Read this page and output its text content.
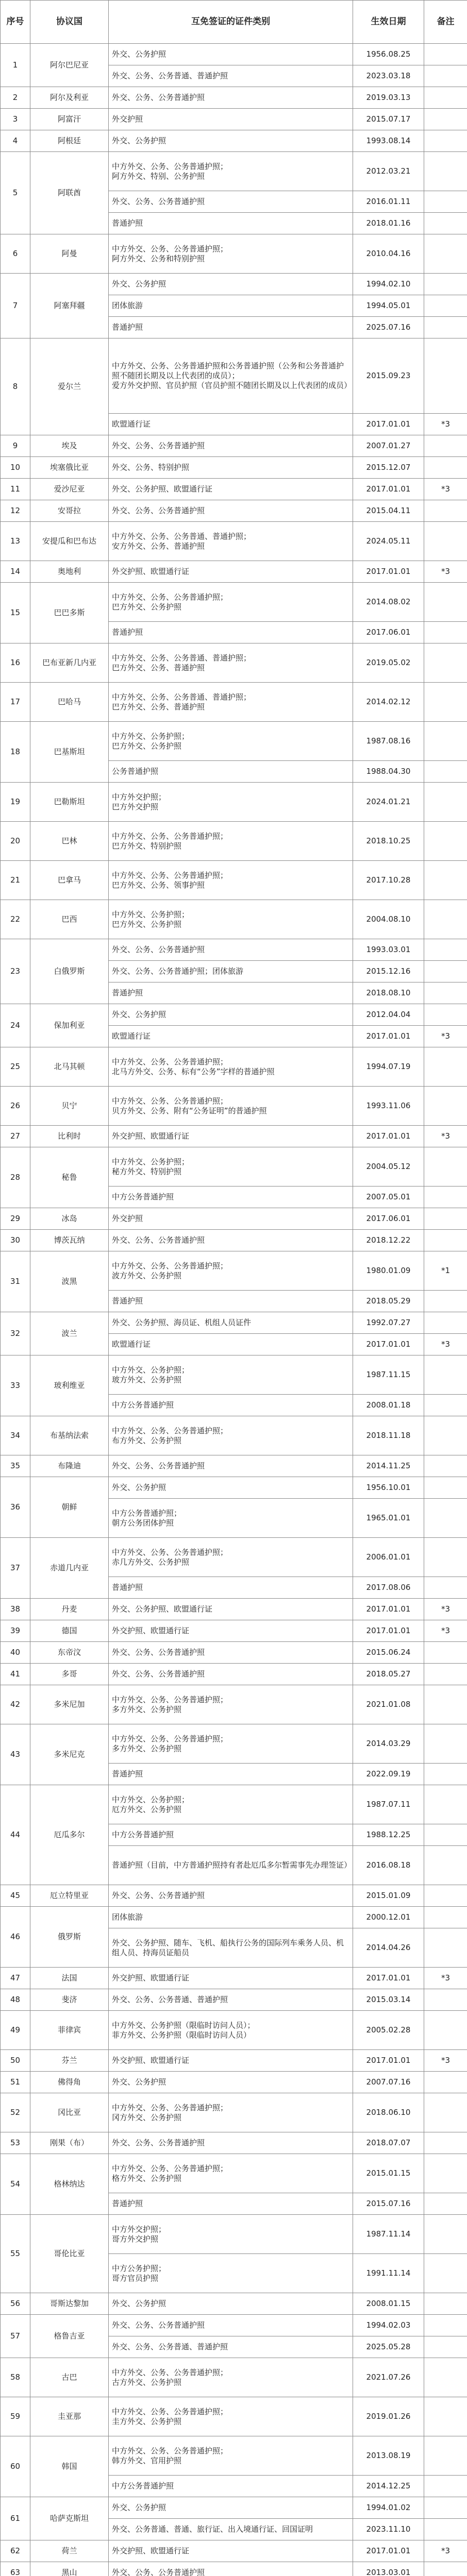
序号	协议国	互免签证的证件类别	生效日期	备注
1	阿尔巴尼亚	外交、公务护照	1956.08.25	

		外交、公务、公务普通、普通护照	2023.03.18	
2	阿尔及利亚	外交、公务、公务普通护照	2019.03.13	
3	阿富汗	外交护照	2015.07.17	
4	阿根廷	外交、公务护照	1993.08.14	
5	阿联酋	中方外交、公务、公务普通护照；
阿方外交、特别、公务护照	2012.03.21	

		外交、公务、公务普通护照	2016.01.11	

		普通护照	2018.01.16	
6	阿曼	中方外交、公务、公务普通护照；
阿方外交、公务和特别护照	2010.04.16	
7	阿塞拜疆	外交、公务护照	1994.02.10	

		团体旅游	1994.05.01	

		普通护照	2025.07.16	
8	爱尔兰	中方外交、公务、公务普通护照和公务普通护照（公务和公务普通护照不随团长期及以上代表团的成员）；
爱方外交护照、官员护照（官员护照不随团长期及以上代表团的成员）	2015.09.23	

		欧盟通行证	2017.01.01	*3
9	埃及	外交、公务、公务普通护照	2007.01.27	
10	埃塞俄比亚	外交、公务、特别护照	2015.12.07	
11	爱沙尼亚	外交、公务护照、欧盟通行证	2017.01.01	*3
12	安哥拉	外交、公务、公务普通护照	2015.04.11	
13	安提瓜和巴布达	中方外交、公务、公务普通、普通护照；
安方外交、公务、普通护照	2024.05.11	
14	奥地利	外交护照、欧盟通行证	2017.01.01	*3
15	巴巴多斯	中方外交、公务、公务普通护照；
巴方外交、公务护照	2014.08.02	

		普通护照	2017.06.01	
16	巴布亚新几内亚	中方外交、公务、公务普通、普通护照；
巴方外交、公务、普通护照	2019.05.02	
17	巴哈马	中方外交、公务、公务普通、普通护照；
巴方外交、公务、普通护照	2014.02.12	
18	巴基斯坦	中方外交、公务护照；
巴方外交、公务护照	1987.08.16	

		公务普通护照	1988.04.30	
19	巴勒斯坦	中方外交护照；
巴方外交护照	2024.01.21	
20	巴林	中方外交、公务、公务普通护照；
巴方外交、特别护照	2018.10.25	
21	巴拿马	中方外交、公务、公务普通护照；
巴方外交、公务、领事护照	2017.10.28	
22	巴西	中方外交、公务护照；
巴方外交、公务护照	2004.08.10	
23	白俄罗斯	外交、公务、公务普通护照	1993.03.01	

		外交、公务、公务普通护照；团体旅游	2015.12.16	

		普通护照	2018.08.10	
24	保加利亚	外交、公务护照	2012.04.04	

		欧盟通行证	2017.01.01	*3
25	北马其顿	中方外交、公务、公务普通护照；
北马方外交、公务、标有“公务”字样的普通护照	1994.07.19	
26	贝宁	中方外交、公务、公务普通护照；
贝方外交、公务、附有“公务证明”的普通护照	1993.11.06	
27	比利时	外交护照、欧盟通行证	2017.01.01	*3
28	秘鲁	中方外交、公务护照；
秘方外交、特别护照	2004.05.12	

		中方公务普通护照	2007.05.01	
29	冰岛	外交护照	2017.06.01	
30	博茨瓦纳	外交、公务、公务普通护照	2018.12.22	
31	波黑	中方外交、公务、公务普通护照；
波方外交、公务护照	1980.01.09	*1

		普通护照	2018.05.29	
32	波兰	外交、公务护照、海员证、机组人员证件	1992.07.27	

		欧盟通行证	2017.01.01	*3
33	玻利维亚	中方外交、公务护照；
玻方外交、公务护照	1987.11.15	

		中方公务普通护照	2008.01.18	
34	布基纳法索	中方外交、公务、公务普通护照；
布方外交、公务护照	2018.11.18	
35	布隆迪	外交、公务、公务普通护照	2014.11.25	
36	朝鲜	外交、公务护照	1956.10.01	

		中方公务普通护照；
朝方公务团体护照	1965.01.01	
37	赤道几内亚	中方外交、公务、公务普通护照；
赤几方外交、公务护照	2006.01.01	

		普通护照	2017.08.06	
38	丹麦	外交、公务护照、欧盟通行证	2017.01.01	*3
39	德国	外交护照、欧盟通行证	2017.01.01	*3
40	东帝汶	外交、公务、公务普通护照	2015.06.24	
41	多哥	外交、公务、公务普通护照	2018.05.27	
42	多米尼加	中方外交、公务、公务普通护照；
多方外交、公务护照	2021.01.08	
43	多米尼克	中方外交、公务、公务普通护照；
多方外交、公务护照	2014.03.29	

		普通护照	2022.09.19	
44	厄瓜多尔	中方外交、公务护照；
厄方外交、公务护照	1987.07.11	

		中方公务普通护照	1988.12.25	

		普通护照（目前，中方普通护照持有者赴厄瓜多尔暂需事先办理签证）	2016.08.18	
45	厄立特里亚	外交、公务、公务普通护照	2015.01.09	
46	俄罗斯	团体旅游	2000.12.01	

		外交、公务护照、随车、飞机、船执行公务的国际列车乘务人员、机组人员、持海员证船员	2014.04.26	
47	法国	外交护照、欧盟通行证	2017.01.01	*3
48	斐济	外交、公务、公务普通、普通护照	2015.03.14	
49	菲律宾	中方外交、公务护照（限临时访问人员）；
菲方外交、公务护照（限临时访问人员）	2005.02.28	
50	芬兰	外交护照、欧盟通行证	2017.01.01	*3
51	佛得角	外交、公务护照	2007.07.16	
52	冈比亚	中方外交、公务、公务普通护照；
冈方外交、公务护照	2018.06.10	
53	刚果（布）	外交、公务、公务普通护照	2018.07.07	
54	格林纳达	中方外交、公务、公务普通护照；
格方外交、公务护照	2015.01.15	

		普通护照	2015.07.16	
55	哥伦比亚	中方外交护照；
哥方外交护照	1987.11.14	

		中方公务护照；
哥方官员护照	1991.11.14	
56	哥斯达黎加	外交、公务护照	2008.01.15	
57	格鲁吉亚	外交、公务、公务普通护照	1994.02.03	

		外交、公务、公务普通、普通护照	2025.05.28	
58	古巴	中方外交、公务、公务普通护照；
古方外交、公务护照	2021.07.26	
59	圭亚那	中方外交、公务、公务普通护照；
圭方外交、公务护照	2019.01.26	
60	韩国	中方外交、公务、公务普通护照；
韩方外交、官用护照	2013.08.19	

		中方公务普通护照	2014.12.25	
61	哈萨克斯坦	外交、公务护照	1994.01.02	

		外交、公务普通、普通、旅行证、出入境通行证、回国证明	2023.11.10	
62	荷兰	外交护照、欧盟通行证	2017.01.01	*3
63	黑山	外交、公务、公务普通护照	2013.03.01	
